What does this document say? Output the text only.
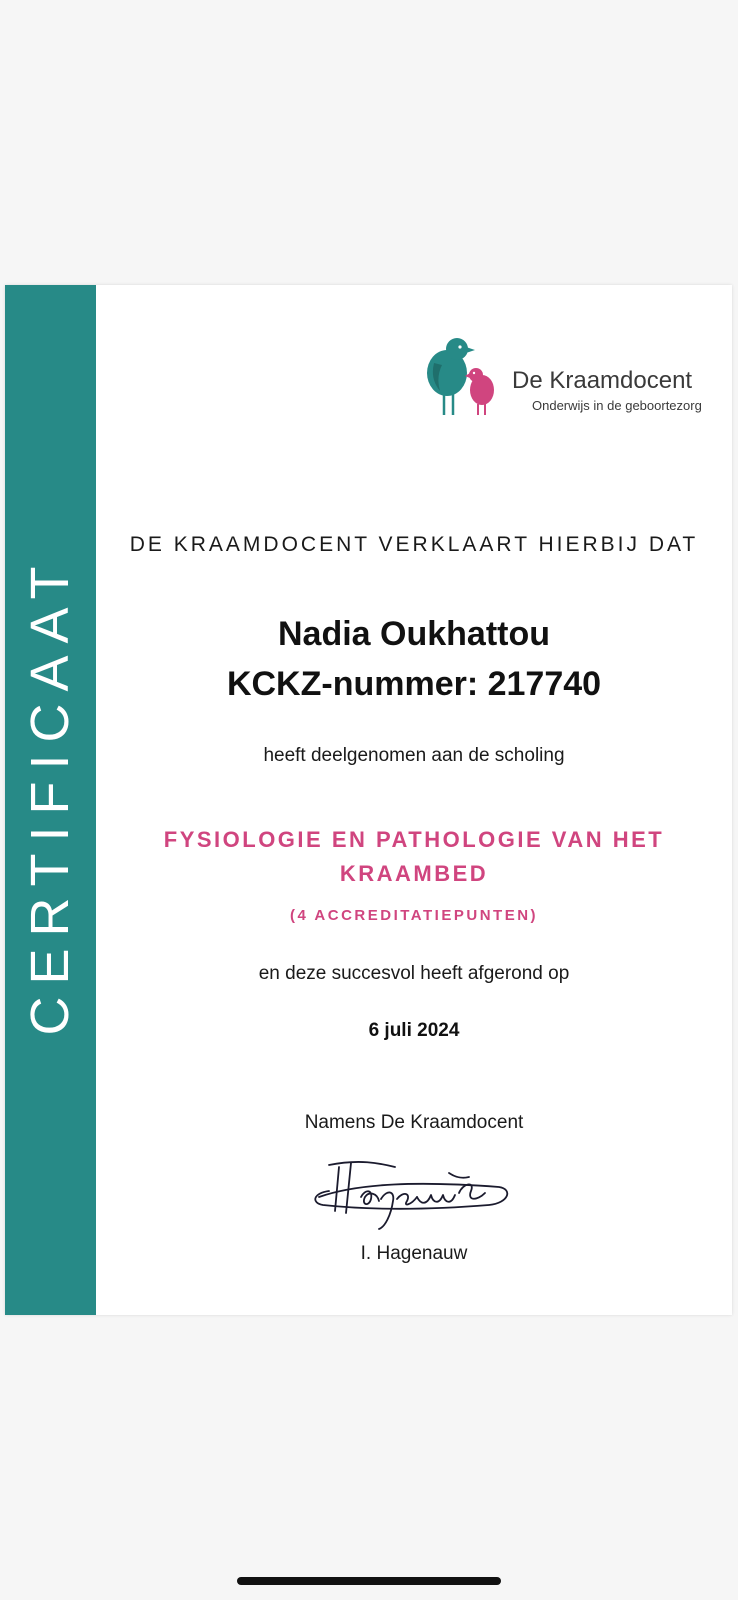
CERTIFICAAT
De Kraamdocent
Onderwijs in de geboortezorg
DE KRAAMDOCENT VERKLAART HIERBIJ DAT
Nadia Oukhattou
KCKZ-nummer: 217740
heeft deelgenomen aan de scholing
FYSIOLOGIE EN PATHOLOGIE VAN HET KRAAMBED
(4 ACCREDITATIEPUNTEN)
en deze succesvol heeft afgerond op
6 juli 2024
Namens De Kraamdocent
I. Hagenauw
